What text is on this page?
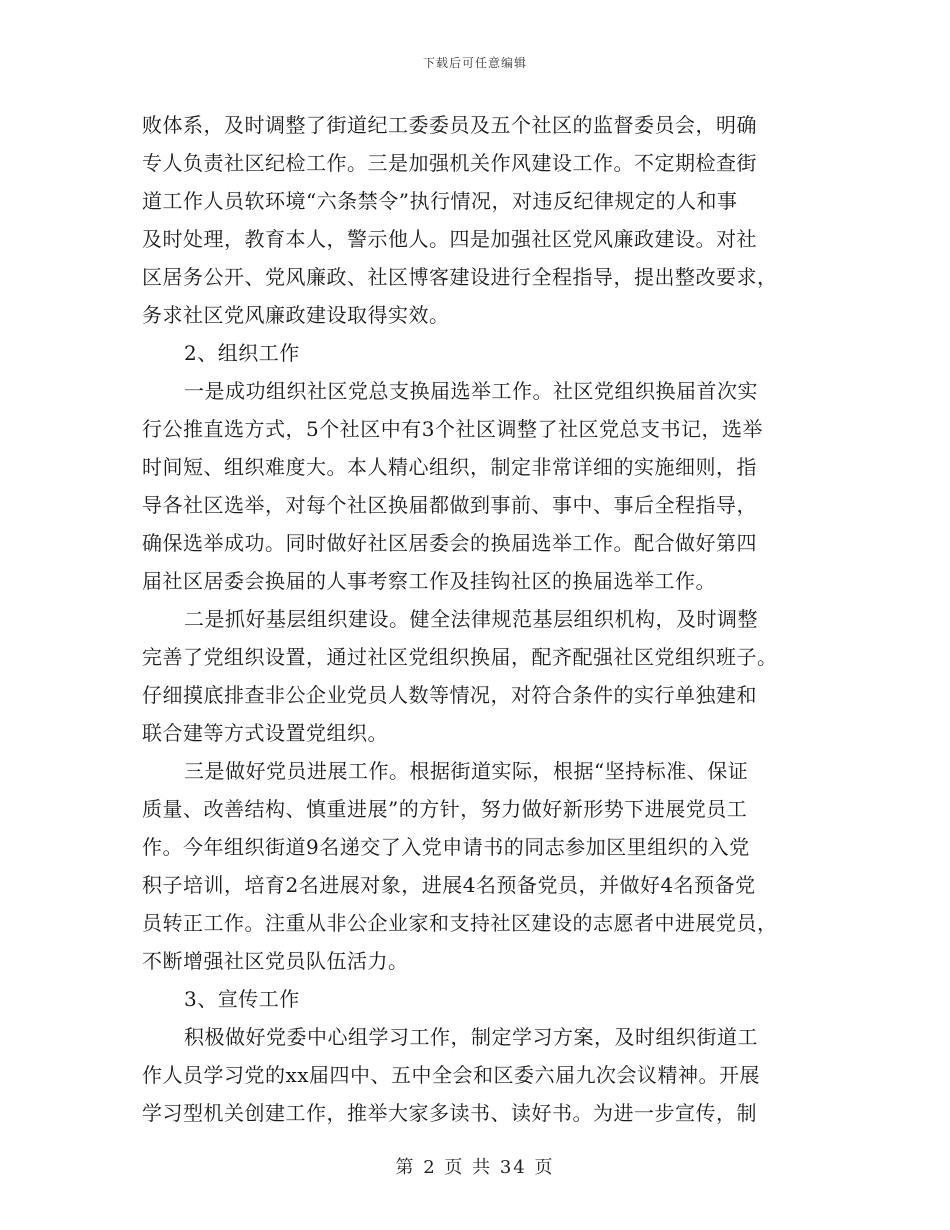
下载后可任意编辑
败体系，及时调整了街道纪工委委员及五个社区的监督委员会，明确
专人负责社区纪检工作。三是加强机关作风建设工作。不定期检查街
道工作人员软环境“六条禁令”执行情况，对违反纪律规定的人和事
及时处理，教育本人，警示他人。四是加强社区党风廉政建设。对社
区居务公开、党风廉政、社区博客建设进行全程指导，提出整改要求，
务求社区党风廉政建设取得实效。
2、组织工作
一是成功组织社区党总支换届选举工作。社区党组织换届首次实
行公推直选方式，5个社区中有3个社区调整了社区党总支书记，选举
时间短、组织难度大。本人精心组织，制定非常详细的实施细则，指
导各社区选举，对每个社区换届都做到事前、事中、事后全程指导，
确保选举成功。同时做好社区居委会的换届选举工作。配合做好第四
届社区居委会换届的人事考察工作及挂钩社区的换届选举工作。
二是抓好基层组织建设。健全法律规范基层组织机构，及时调整
完善了党组织设置，通过社区党组织换届，配齐配强社区党组织班子。
仔细摸底排查非公企业党员人数等情况，对符合条件的实行单独建和
联合建等方式设置党组织。
三是做好党员进展工作。根据街道实际，根据“坚持标准、保证
质量、改善结构、慎重进展”的方针，努力做好新形势下进展党员工
作。今年组织街道9名递交了入党申请书的同志参加区里组织的入党
积子培训，培育2名进展对象，进展4名预备党员，并做好4名预备党
员转正工作。注重从非公企业家和支持社区建设的志愿者中进展党员，
不断增强社区党员队伍活力。
3、宣传工作
积极做好党委中心组学习工作，制定学习方案，及时组织街道工
作人员学习党的xx届四中、五中全会和区委六届九次会议精神。开展
学习型机关创建工作，推举大家多读书、读好书。为进一步宣传，制
第 2 页 共 34 页
